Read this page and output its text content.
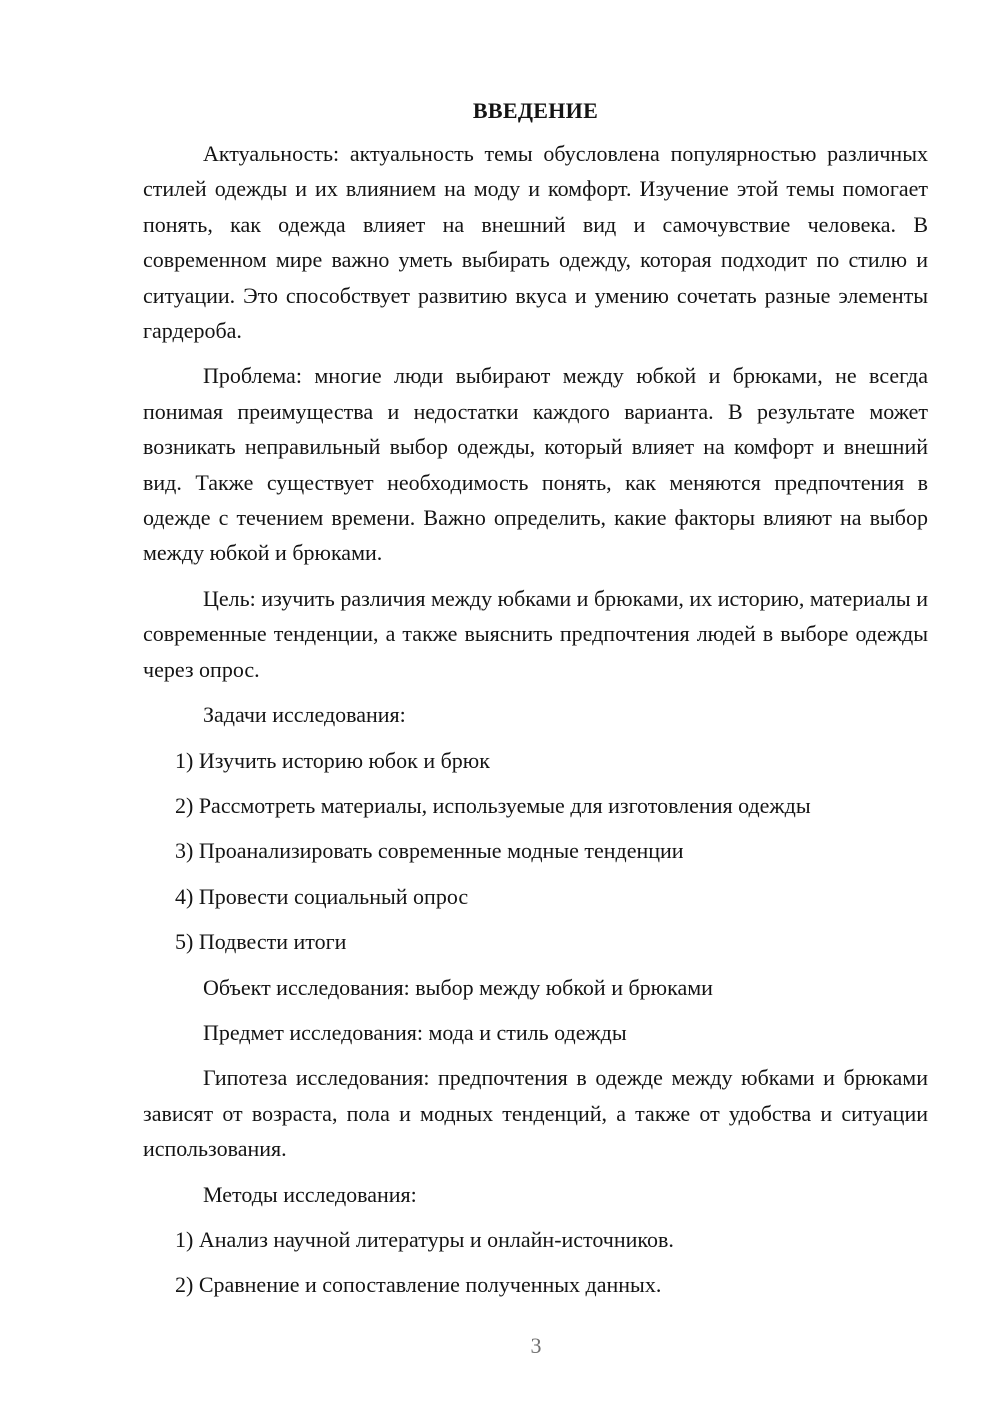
ВВЕДЕНИЕ

Актуальность: актуальность темы обусловлена популярностью различных стилей одежды и их влиянием на моду и комфорт. Изучение этой темы помогает понять, как одежда влияет на внешний вид и самочувствие человека. В современном мире важно уметь выбирать одежду, которая подходит по стилю и ситуации. Это способствует развитию вкуса и умению сочетать разные элементы гардероба.

Проблема: многие люди выбирают между юбкой и брюками, не всегда понимая преимущества и недостатки каждого варианта. В результате может возникать неправильный выбор одежды, который влияет на комфорт и внешний вид. Также существует необходимость понять, как меняются предпочтения в одежде с течением времени. Важно определить, какие факторы влияют на выбор между юбкой и брюками.

Цель: изучить различия между юбками и брюками, их историю, материалы и современные тенденции, а также выяснить предпочтения людей в выборе одежды через опрос.

Задачи исследования:

1) Изучить историю юбок и брюк

2) Рассмотреть материалы, используемые для изготовления одежды

3) Проанализировать современные модные тенденции

4) Провести социальный опрос

5) Подвести итоги

Объект исследования: выбор между юбкой и брюками

Предмет исследования: мода и стиль одежды

Гипотеза исследования: предпочтения в одежде между юбками и брюками зависят от возраста, пола и модных тенденций, а также от удобства и ситуации использования.

Методы исследования:

1) Анализ научной литературы и онлайн-источников.

2) Сравнение и сопоставление полученных данных.

3
